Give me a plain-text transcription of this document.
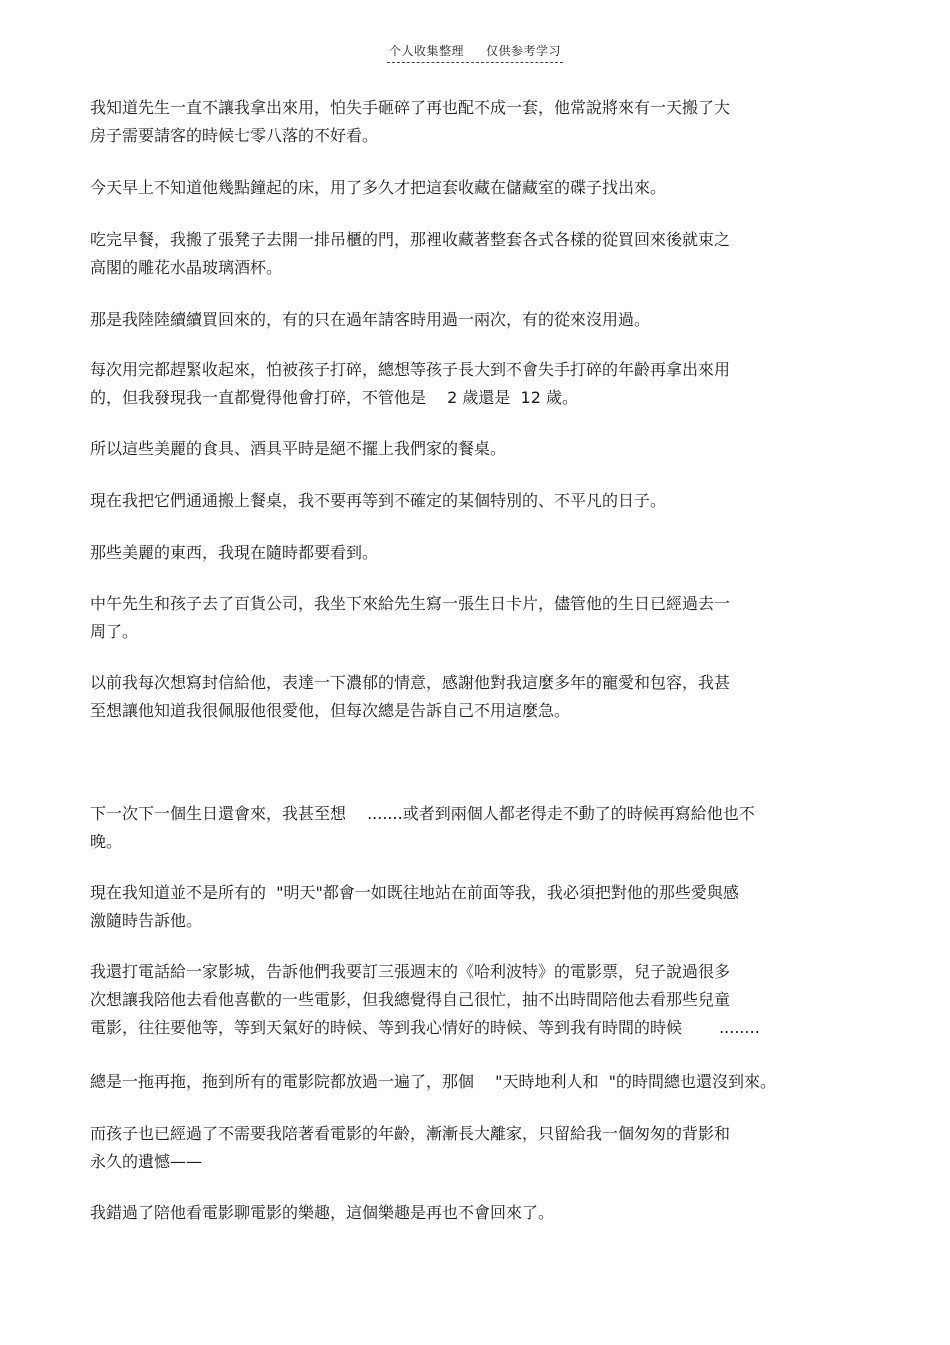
个人收集整理 仅供参考学习

我知道先生一直不讓我拿出來用，怕失手砸碎了再也配不成一套，他常說將來有一天搬了大
房子需要請客的時候七零八落的不好看。

今天早上不知道他幾點鐘起的床，用了多久才把這套收藏在儲藏室的碟子找出來。

吃完早餐，我搬了張凳子去開一排吊櫃的門，那裡收藏著整套各式各樣的從買回來後就束之
高閣的雕花水晶玻璃酒杯。

那是我陸陸續續買回來的，有的只在過年請客時用過一兩次，有的從來沒用過。

每次用完都趕緊收起來，怕被孩子打碎，總想等孩子長大到不會失手打碎的年齡再拿出來用
的，但我發現我一直都覺得他會打碎，不管他是　 2 歲還是  12 歲。

所以這些美麗的食具、酒具平時是絕不擺上我們家的餐桌。

現在我把它們通通搬上餐桌，我不要再等到不確定的某個特別的、不平凡的日子。

那些美麗的東西，我現在隨時都要看到。

中午先生和孩子去了百貨公司，我坐下來給先生寫一張生日卡片，儘管他的生日已經過去一
周了。

以前我每次想寫封信給他，表達一下濃郁的情意，感謝他對我這麼多年的寵愛和包容，我甚
至想讓他知道我很佩服他很愛他，但每次總是告訴自己不用這麼急。

下一次下一個生日還會來，我甚至想　 .......或者到兩個人都老得走不動了的時候再寫給他也不
晚。

現在我知道並不是所有的  "明天"都會一如既往地站在前面等我，我必須把對他的那些愛與感
激隨時告訴他。

我還打電話給一家影城，告訴他們我要訂三張週末的《哈利波特》的電影票，兒子說過很多
次想讓我陪他去看他喜歡的一些電影，但我總覺得自己很忙，抽不出時間陪他去看那些兒童
電影，往往要他等，等到天氣好的時候、等到我心情好的時候、等到我有時間的時候　　 ........

總是一拖再拖，拖到所有的電影院都放過一遍了，那個　 "天時地利人和  "的時間總也還沒到來。

而孩子也已經過了不需要我陪著看電影的年齡，漸漸長大離家，只留給我一個匆匆的背影和
永久的遺憾——

我錯過了陪他看電影聊電影的樂趣，這個樂趣是再也不會回來了。
